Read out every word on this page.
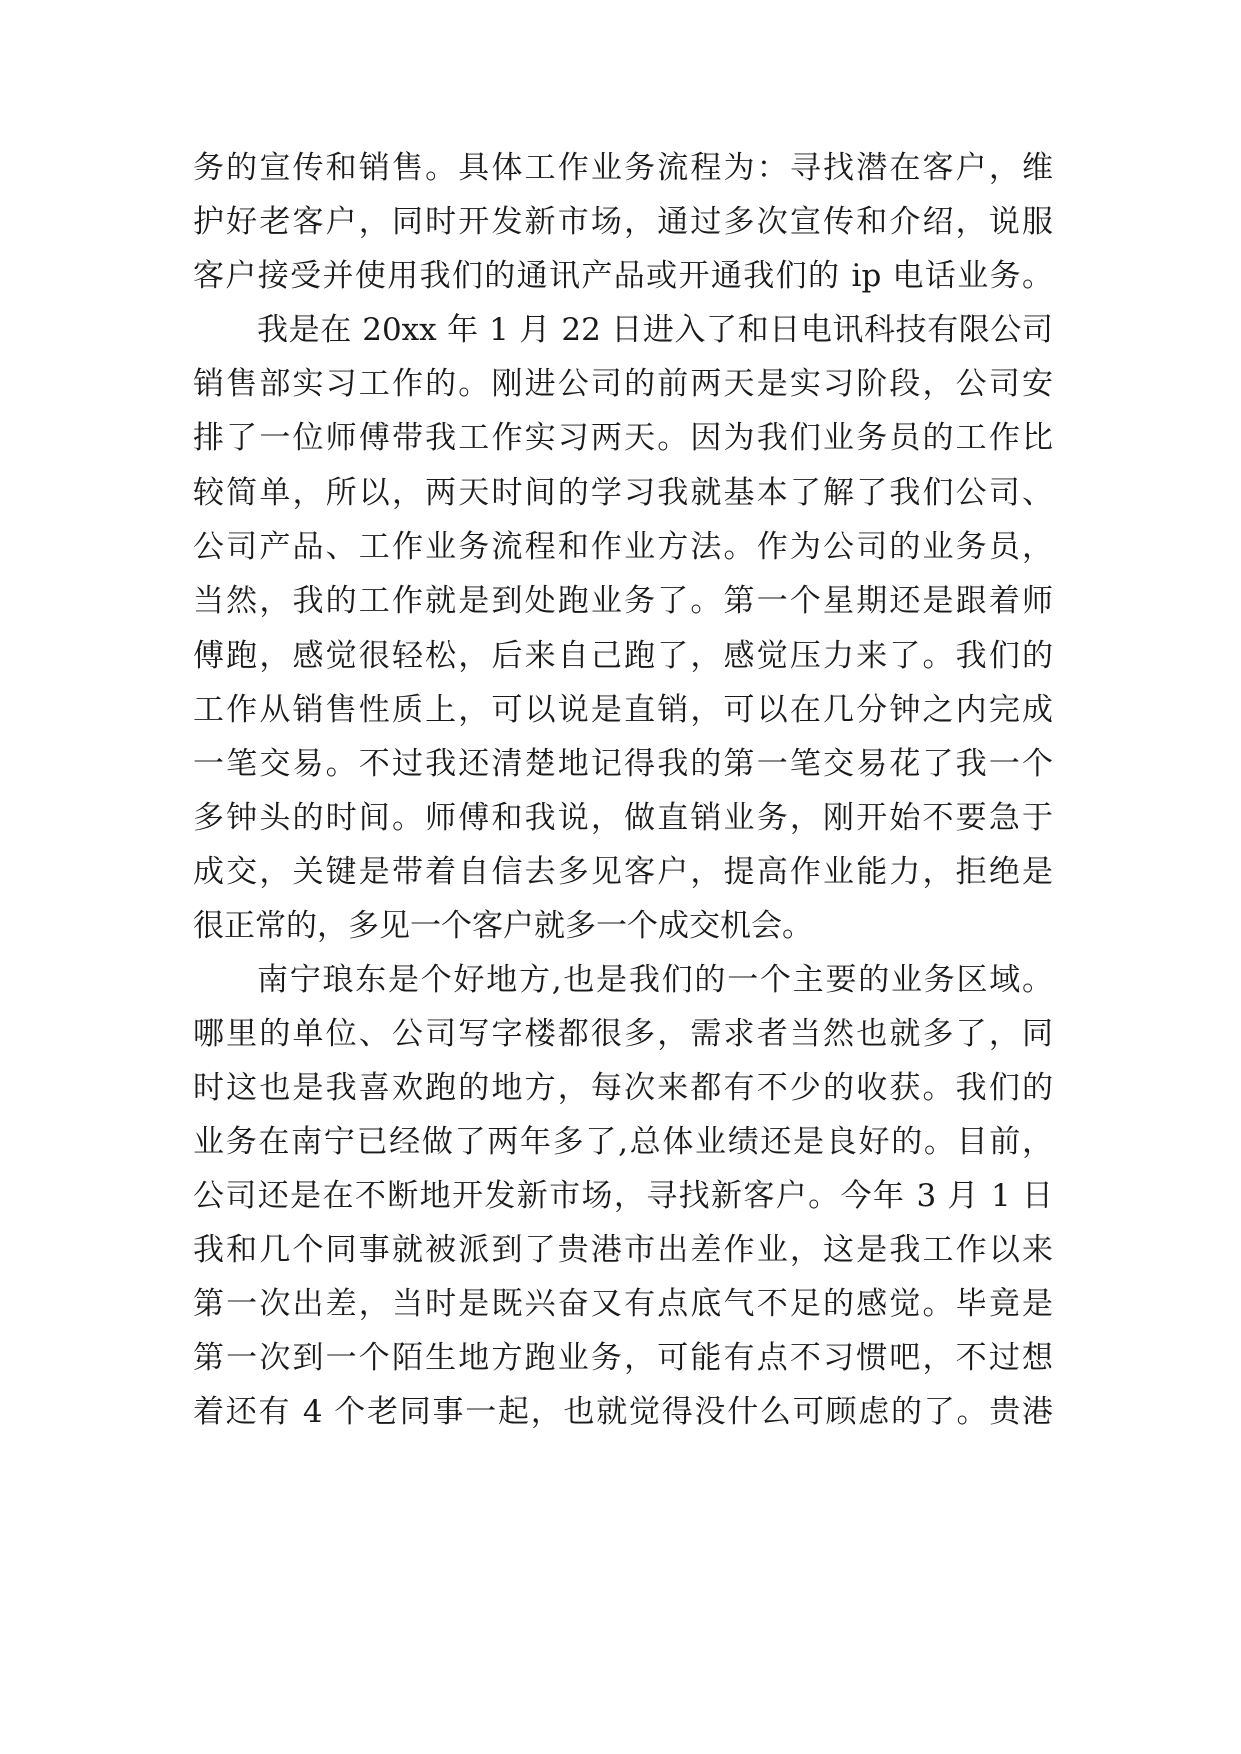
务的宣传和销售。具体工作业务流程为：寻找潜在客户，维
护好老客户，同时开发新市场，通过多次宣传和介绍，说服
客户接受并使用我们的通讯产品或开通我们的 ip 电话业务。
我是在 20xx 年 1 月 22 日进入了和日电讯科技有限公司
销售部实习工作的。刚进公司的前两天是实习阶段，公司安
排了一位师傅带我工作实习两天。因为我们业务员的工作比
较简单，所以，两天时间的学习我就基本了解了我们公司、
公司产品、工作业务流程和作业方法。作为公司的业务员，
当然，我的工作就是到处跑业务了。第一个星期还是跟着师
傅跑，感觉很轻松，后来自己跑了，感觉压力来了。我们的
工作从销售性质上，可以说是直销，可以在几分钟之内完成
一笔交易。不过我还清楚地记得我的第一笔交易花了我一个
多钟头的时间。师傅和我说，做直销业务，刚开始不要急于
成交，关键是带着自信去多见客户，提高作业能力，拒绝是
很正常的，多见一个客户就多一个成交机会。
南宁琅东是个好地方,也是我们的一个主要的业务区域。
哪里的单位、公司写字楼都很多，需求者当然也就多了，同
时这也是我喜欢跑的地方，每次来都有不少的收获。我们的
业务在南宁已经做了两年多了,总体业绩还是良好的。目前，
公司还是在不断地开发新市场，寻找新客户。今年 3 月 1 日
我和几个同事就被派到了贵港市出差作业，这是我工作以来
第一次出差，当时是既兴奋又有点底气不足的感觉。毕竟是
第一次到一个陌生地方跑业务，可能有点不习惯吧，不过想
着还有 4 个老同事一起，也就觉得没什么可顾虑的了。贵港
